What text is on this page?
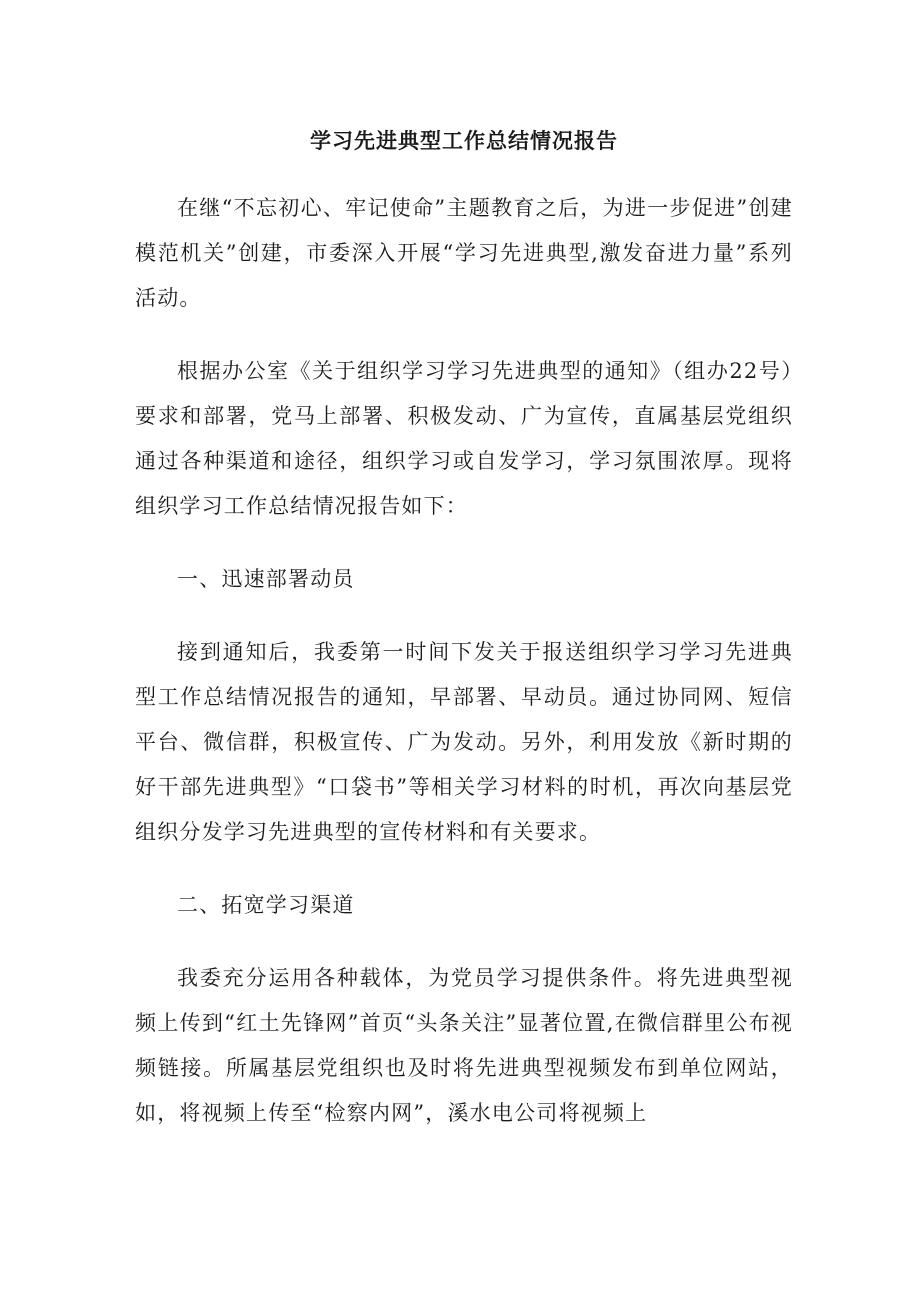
学习先进典型工作总结情况报告

在继“不忘初心、牢记使命”主题教育之后，为进一步促进”创建模范机关”创建，市委深入开展“学习先进典型,激发奋进力量”系列活动。

根据办公室《关于组织学习学习先进典型的通知》（组办22号）要求和部署，党马上部署、积极发动、广为宣传，直属基层党组织通过各种渠道和途径，组织学习或自发学习，学习氛围浓厚。现将组织学习工作总结情况报告如下：

一、迅速部署动员

接到通知后，我委第一时间下发关于报送组织学习学习先进典型工作总结情况报告的通知，早部署、早动员。通过协同网、短信平台、微信群，积极宣传、广为发动。另外，利用发放《新时期的好干部先进典型》“口袋书”等相关学习材料的时机，再次向基层党组织分发学习先进典型的宣传材料和有关要求。

二、拓宽学习渠道

我委充分运用各种载体，为党员学习提供条件。将先进典型视频上传到“红土先锋网”首页“头条关注”显著位置,在微信群里公布视频链接。所属基层党组织也及时将先进典型视频发布到单位网站，如，将视频上传至“检察内网”，溪水电公司将视频上
